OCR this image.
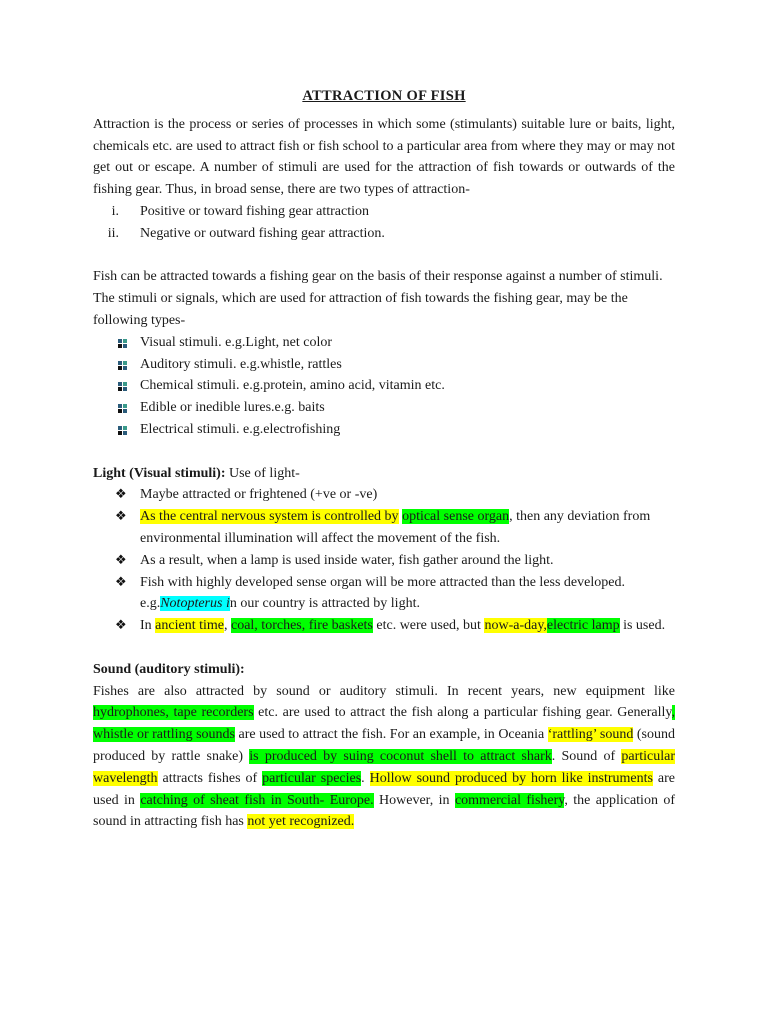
ATTRACTION OF FISH

Attraction is the process or series of processes in which some (stimulants) suitable lure or baits, light, chemicals etc. are used to attract fish or fish school to a particular area from where they may or may not get out or escape. A number of stimuli are used for the attraction of fish towards or outwards of the fishing gear. Thus, in broad sense, there are two types of attraction-

i. Positive or toward fishing gear attraction
ii. Negative or outward fishing gear attraction.

Fish can be attracted towards a fishing gear on the basis of their response against a number of stimuli. The stimuli or signals, which are used for attraction of fish towards the fishing gear, may be the following types-

Visual stimuli. e.g.Light, net color
Auditory stimuli. e.g.whistle, rattles
Chemical stimuli. e.g.protein, amino acid, vitamin etc.
Edible or inedible lures.e.g. baits
Electrical stimuli. e.g.electrofishing

Light (Visual stimuli): Use of light-

❖ Maybe attracted or frightened (+ve or -ve)
❖ As the central nervous system is controlled by optical sense organ, then any deviation from environmental illumination will affect the movement of the fish.
❖ As a result, when a lamp is used inside water, fish gather around the light.
❖ Fish with highly developed sense organ will be more attracted than the less developed. e.g.Notopterus in our country is attracted by light.
❖ In ancient time, coal, torches, fire baskets etc. were used, but now-a-day,electric lamp is used.

Sound (auditory stimuli):

Fishes are also attracted by sound or auditory stimuli. In recent years, new equipment like hydrophones, tape recorders etc. are used to attract the fish along a particular fishing gear. Generally, whistle or rattling sounds are used to attract the fish. For an example, in Oceania ‘rattling’ sound (sound produced by rattle snake) is produced by suing coconut shell to attract shark. Sound of particular wavelength attracts fishes of particular species. Hollow sound produced by horn like instruments are used in catching of sheat fish in South- Europe. However, in commercial fishery, the application of sound in attracting fish has not yet recognized.
